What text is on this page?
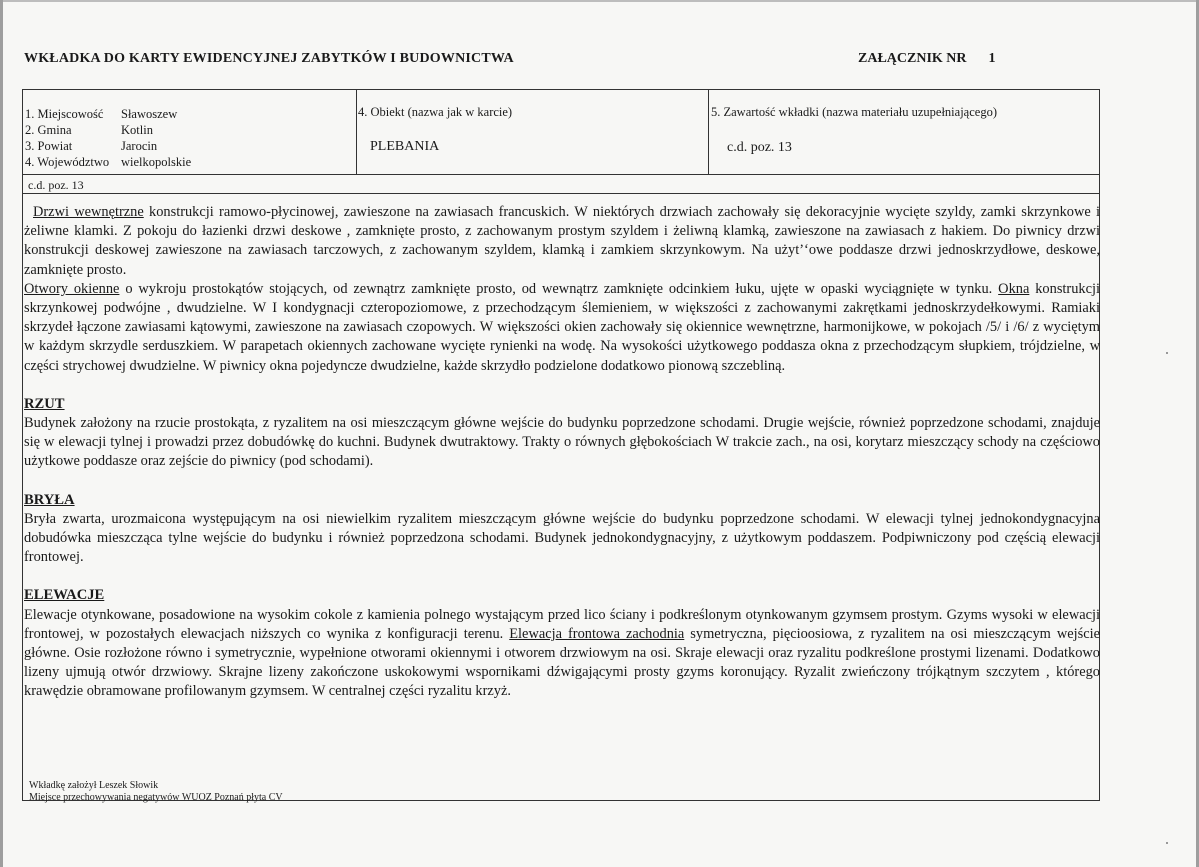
WKŁADKA DO KARTY EWIDENCYJNEJ ZABYTKÓW I BUDOWNICTWA	ZAŁĄCZNIK NR 1
1. Miejscowość Sławoszew
2. Gmina	Kotlin
3. Powiat	Jarocin
4. Województwo wielkopolskie
4. Obiekt (nazwa jak w karcie)
PLEBANIA
5. Zawartość wkładki (nazwa materiału uzupełniającego)
c.d. poz. 13
c.d. poz. 13

Drzwi wewnętrzne konstrukcji ramowo-płycinowej, zawieszone na zawiasach francuskich. W niektórych drzwiach zachowały się dekoracyjnie wycięte szyldy, zamki skrzynkowe i żeliwne klamki. Z pokoju do łazienki drzwi deskowe , zamknięte prosto, z zachowanym prostym szyldem i żeliwną klamką, zawieszone na zawiasach z hakiem. Do piwnicy drzwi konstrukcji deskowej zawieszone na zawiasach tarczowych, z zachowanym szyldem, klamką i zamkiem skrzynkowym. Na użyt’ʻowe poddasze drzwi jednoskrzydłowe, deskowe, zamknięte prosto.

Otwory okienne o wykroju prostokątów stojących, od zewnątrz zamknięte prosto, od wewnątrz zamknięte odcinkiem łuku, ujęte w opaski wyciągnięte w tynku. Okna konstrukcji skrzynkowej podwójne , dwudzielne. W I kondygnacji czteropoziomowe, z przechodzącym ślemieniem, w większości z zachowanymi zakrętkami jednoskrzydełkowymi. Ramiaki skrzydeł łączone zawiasami kątowymi, zawieszone na zawiasach czopowych. W większości okien zachowały się okiennice wewnętrzne, harmonijkowe, w pokojach /5/ i /6/ z wyciętym w każdym skrzydle serduszkiem. W parapetach okiennych zachowane wycięte rynienki na wodę. Na wysokości użytkowego poddasza okna z przechodzącym słupkiem, trójdzielne, w części strychowej dwudzielne. W piwnicy okna pojedyncze dwudzielne, każde skrzydło podzielone dodatkowo pionową szczebliną.

RZUT

Budynek założony na rzucie prostokąta, z ryzalitem na osi mieszczącym główne wejście do budynku poprzedzone schodami. Drugie wejście, również poprzedzone schodami, znajduje się w elewacji tylnej i prowadzi przez dobudówkę do kuchni. Budynek dwutraktowy. Trakty o równych głębokościach W trakcie zach., na osi, korytarz mieszczący schody na częściowo użytkowe poddasze oraz zejście do piwnicy (pod schodami).

BRYŁA

Bryła zwarta, urozmaicona występującym na osi niewielkim ryzalitem mieszczącym główne wejście do budynku poprzedzone schodami. W elewacji tylnej jednokondygnacyjna dobudówka mieszcząca tylne wejście do budynku i również poprzedzona schodami. Budynek jednokondygnacyjny, z użytkowym poddaszem. Podpiwniczony pod częścią elewacji frontowej.

ELEWACJE

Elewacje otynkowane, posadowione na wysokim cokole z kamienia polnego wystającym przed lico ściany i podkreślonym otynkowanym gzymsem prostym. Gzyms wysoki w elewacji frontowej, w pozostałych elewacjach niższych co wynika z konfiguracji terenu. Elewacja frontowa zachodnia symetryczna, pięcioosiowa, z ryzalitem na osi mieszczącym wejście główne. Osie rozłożone równo i symetrycznie, wypełnione otworami okiennymi i otworem drzwiowym na osi. Skraje elewacji oraz ryzalitu podkreślone prostymi lizenami. Dodatkowo lizeny ujmują otwór drzwiowy. Skrajne lizeny zakończone uskokowymi wspornikami dźwigającymi prosty gzyms koronujący. Ryzalit zwieńczony trójkątnym szczytem , którego krawędzie obramowane profilowanym gzymsem. W centralnej części ryzalitu krzyż.

Wkładkę założył Leszek Słowik
Miejsce przechowywania negatywów WUOZ Poznań płyta CV
